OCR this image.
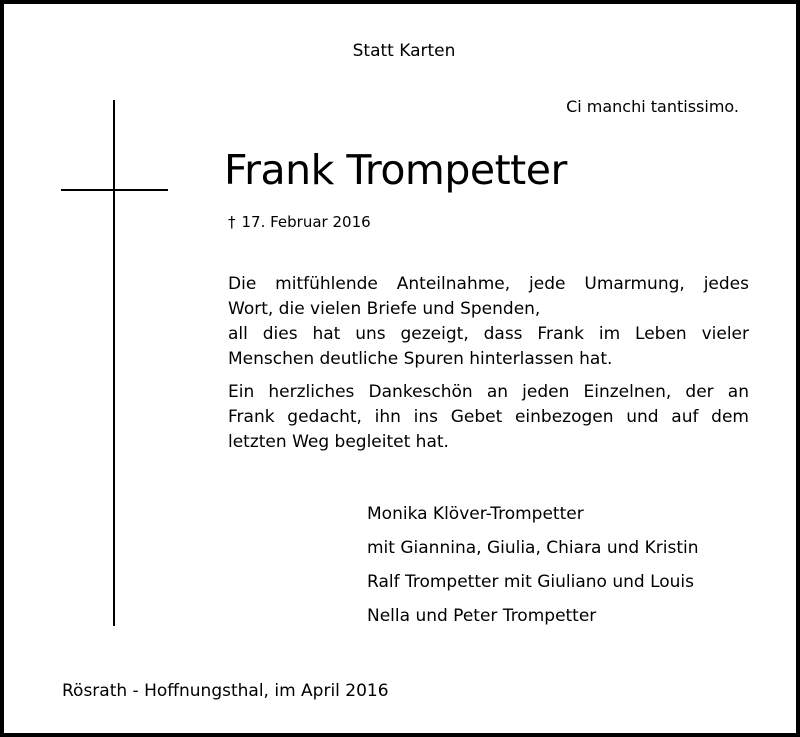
Statt Karten
Ci manchi tantissimo.
Frank Trompetter
† 17. Februar 2016
Die mitfühlende Anteilnahme, jede Umarmung, jedes
Wort, die vielen Briefe und Spenden,
all dies hat uns gezeigt, dass Frank im Leben vieler
Menschen deutliche Spuren hinterlassen hat.
Ein herzliches Dankeschön an jeden Einzelnen, der an
Frank gedacht, ihn ins Gebet einbezogen und auf dem
letzten Weg begleitet hat.
Monika Klöver-Trompetter
mit Giannina, Giulia, Chiara und Kristin
Ralf Trompetter mit Giuliano und Louis
Nella und Peter Trompetter
Rösrath - Hoffnungsthal, im April 2016
